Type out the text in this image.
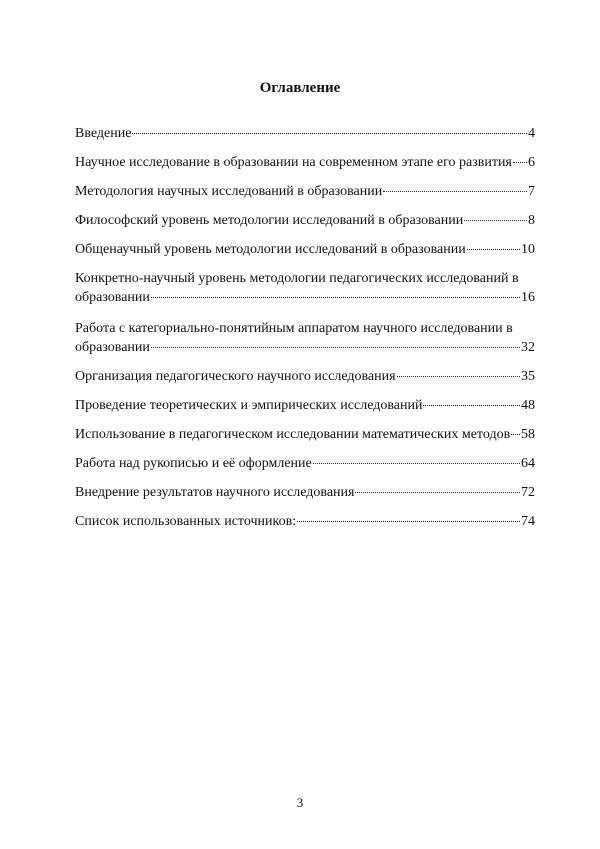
Оглавление
Введение	4
Научное исследование в образовании на современном этапе его развития 6
Методология научных исследований в образовании	7
Философский уровень методологии исследований в образовании	8
Общенаучный уровень методологии исследований в образовании	10
Конкретно-научный уровень методологии педагогических исследований в
образовании	16
Работа с категориально-понятийным аппаратом научного исследовании в
образовании	32
Организация педагогического научного исследования	35
Проведение теоретических и эмпирических исследований	48
Использование в педагогическом исследовании математических методов 58
Работа над рукописью и её оформление	64
Внедрение результатов научного исследования	72
Список использованных источников:	74
3
